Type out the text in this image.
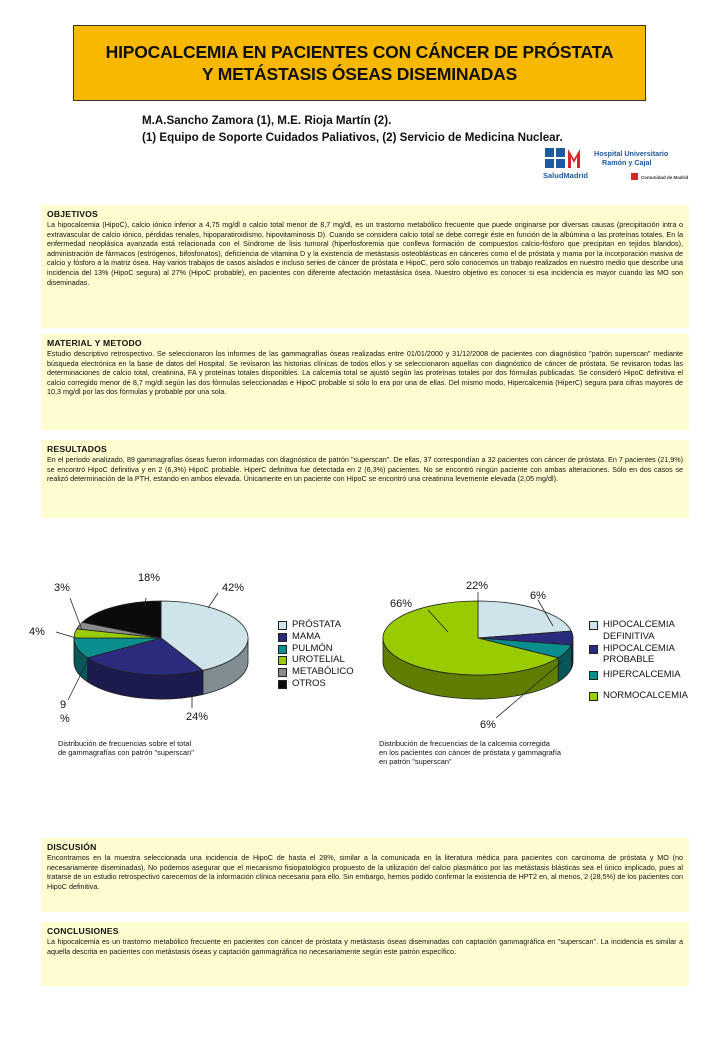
HIPOCALCEMIA EN PACIENTES CON CÁNCER DE PRÓSTATA
Y METÁSTASIS ÓSEAS DISEMINADAS
M.A.Sancho Zamora (1), M.E. Rioja Martín (2).
(1) Equipo de Soporte Cuidados Paliativos, (2) Servicio de Medicina Nuclear.
SaludMadrid
Hospital Universitario
Ramón y Cajal
Comunidad de Madrid
OBJETIVOS

La hipocalcemia (HipoC), calcio iónico inferior a 4,75 mg/dl o calcio total menor de 8,7 mg/dl, es un trastorno metabólico frecuente que puede originarse por diversas causas (precipitación intra o extravascular de calcio iónico, pérdidas renales, hipoparatiroidismo, hipovitaminosis D). Cuando se considera calcio total se debe corregir éste en función de la albúmina o las proteínas totales. En la enfermedad neoplásica avanzada está relacionada con el Síndrome de lisis tumoral (hiperfosforemia que conlleva formación de compuestos calcio-fósforo que precipitan en tejidos blandos), administración de fármacos (estrógenos, bifosfonatos), deficiencia de vitamina D y la existencia de metástasis osteoblásticas en cánceres como el de próstata y mama por la incorporación masiva de calcio y fósforo a la matriz ósea. Hay varios trabajos de casos aislados e incluso series de cáncer de próstata e HipoC, pero sólo conocemos un trabajo realizados en nuestro medio que describe una incidencia del 13% (HipoC segura) al 27% (HipoC probable), en pacientes con diferente afectación metastásica ósea. Nuestro objetivo es conocer si esa incidencia es mayor cuando las MO son diseminadas.

MATERIAL Y METODO

Estudio descriptivo retrospectivo. Se seleccionaron los informes de las gammagrafías óseas realizadas entre 01/01/2000 y 31/12/2008 de pacientes con diagnóstico "patrón superscan" mediante búsqueda electrónica en la base de datos del Hospital. Se revisaron las historias clínicas de todos ellos y se seleccionaron aquellas con diagnóstico de cáncer de próstata. Se revisaron todas las determinaciones de calcio total, creatinina, FA y proteínas totales disponibles. La calcemia total se ajustó según las proteínas totales por dos fórmulas publicadas. Se consideró HipoC definitiva el calcio corregido menor de 8,7 mg/dl según las dos fórmulas seleccionadas e HipoC probable si sólo lo era por una de ellas. Del mismo modo, Hipercalcemia (HiperC) segura para cifras mayores de 10,3 mg/dl por las dos fórmulas y probable por una sola.

RESULTADOS

En el período analizado, 89 gammagrafías óseas fueron informadas con diagnóstico de patrón "superscan". De ellas, 37 correspondían a 32 pacientes con cáncer de próstata. En 7 pacientes (21,9%) se encontró HipoC definitiva y en 2 (6,3%) HipoC probable. HiperC definitiva fue detectada en 2 (6,3%) pacientes. No se encontró ningún paciente con ambas alteraciones. Sólo en dos casos se realizó determinación de la PTH, estando en ambos elevada. Únicamente en un paciente con HipoC se encontró una creatinina levemente elevada (2,05 mg/dl).

18%
42%
3%
4%
9 %	24%
PRÓSTATA
MAMA
PULMÓN
UROTELIAL
METABÓLICO
OTROS
22%
6%
66%
6%
HIPOCALCEMIA DEFINITIVA
HIPOCALCEMIA PROBABLE
HIPERCALCEMIA
NORMOCALCEMIA
Distribución de frecuencias sobre el total
de gammagrafías con patrón "superscan"
Distribución de frecuencias de la calcemia corregida
en los pacientes con cáncer de próstata y gammagrafía
en patrón "superscan"
DISCUSIÓN

Encontramos en la muestra seleccionada una incidencia de HipoC de hasta el 28%, similar a la comunicada en la literatura médica para pacientes con carcinoma de próstata y MO (no necesariamente diseminadas). No podemos asegurar que el mecanismo fisiopatológico propuesto de la utilización del calcio plasmático por las metástasis blásticas sea el único implicado, pues al tratarse de un estudio retrospectivo carecemos de la información clínica necesaria para ello. Sin embargo, hemos podido confirmar la existencia de HPT2 en, al menos, 2 (28,5%) de los pacientes con HipoC definitiva.

CONCLUSIONES

La hipocalcemia es un trastorno metabólico frecuente en pacientes con cáncer de próstata y metástasis óseas diseminadas con captación gammagráfica en "superscan". La incidencia es similar a aquella descrita en pacientes con metástasis óseas y captación gammagráfica no necesariamente según este patrón específico.
